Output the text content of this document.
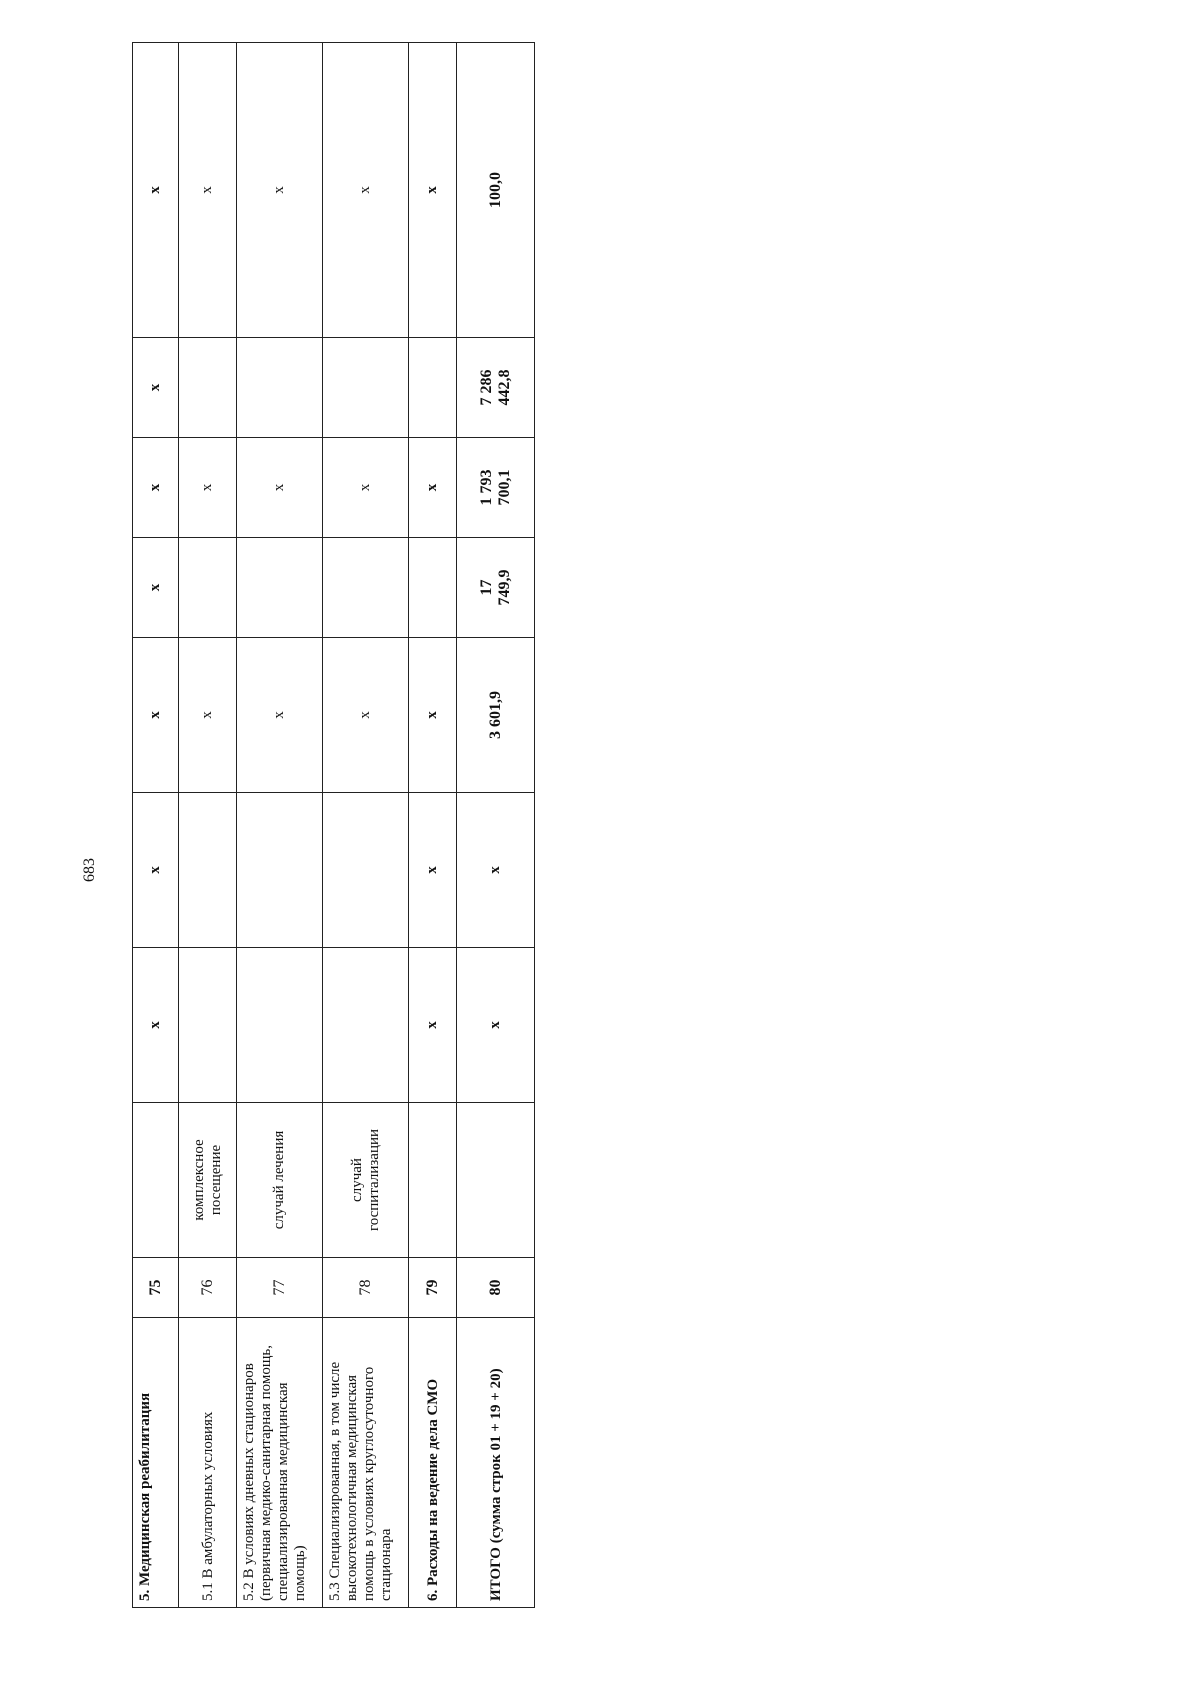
683
5. Медицинская реабилитация	75		x	x	x	x	x	x	x
5.1 В амбулаторных условиях	76	комплексное посещение			x		x		x
5.2 В условиях дневных стационаров (первичная медико-санитарная помощь, специализированная медицинская помощь)	77	случай лечения			x		x		x
5.3 Специализированная, в том числе высокотехнологичная медицинская помощь в условиях круглосуточного стационара	78	случай госпитализации			x		x		x
6. Расходы на ведение дела СМО	79		x	x	x		x		x
ИТОГО (сумма строк 01 + 19 + 20)	80		x	x	3 601,9	17 749,9	1 793 700,1	7 286 442,8	100,0
